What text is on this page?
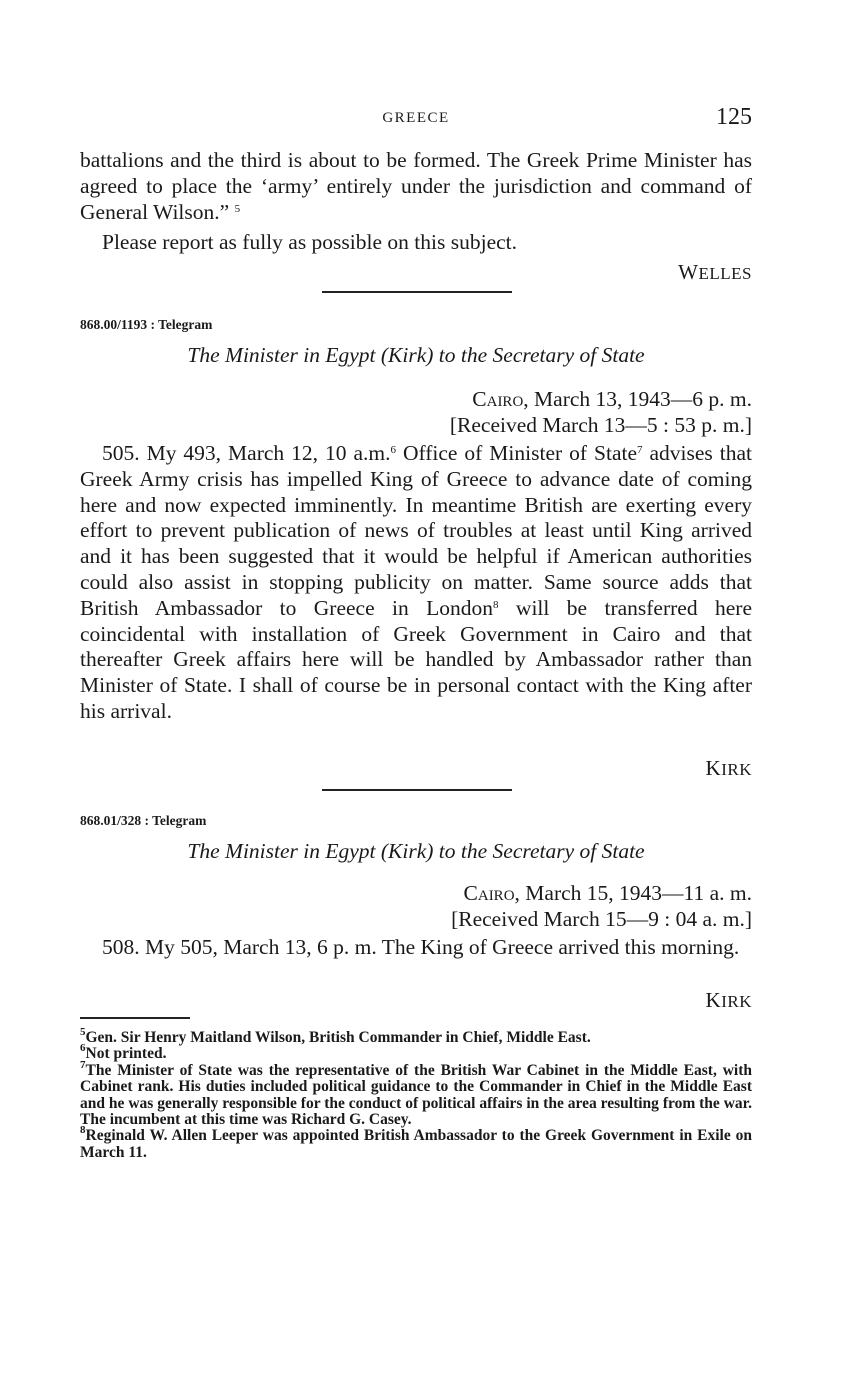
GREECE	125

battalions and the third is about to be formed. The Greek Prime Minister has agreed to place the ‘army’ entirely under the jurisdiction and command of General Wilson.” $^5$

Please report as fully as possible on this subject.

WELLES
868.00/1193 : Telegram
The Minister in Egypt (Kirk) to the Secretary of State
Cairo, March 13, 1943—6 p. m.
[Received March 13—5 : 53 p. m.]

505. My 493, March 12, 10 a.m.$^6$ Office of Minister of State$^7$ advises that Greek Army crisis has impelled King of Greece to advance date of coming here and now expected imminently. In meantime British are exerting every effort to prevent publication of news of troubles at least until King arrived and it has been suggested that it would be helpful if American authorities could also assist in stopping publicity on matter. Same source adds that British Ambassador to Greece in London$^8$ will be transferred here coincidental with installation of Greek Government in Cairo and that thereafter Greek affairs here will be handled by Ambassador rather than Minister of State. I shall of course be in personal contact with the King after his arrival.

KIRK
868.01/328 : Telegram
The Minister in Egypt (Kirk) to the Secretary of State
Cairo, March 15, 1943—11 a. m.
[Received March 15—9 : 04 a. m.]

508. My 505, March 13, 6 p. m. The King of Greece arrived this morning.

KIRK

$^5$Gen. Sir Henry Maitland Wilson, British Commander in Chief, Middle East.

$^6$Not printed.

$^7$The Minister of State was the representative of the British War Cabinet in the Middle East, with Cabinet rank. His duties included political guidance to the Commander in Chief in the Middle East and he was generally responsible for the conduct of political affairs in the area resulting from the war. The incumbent at this time was Richard G. Casey.

$^8$Reginald W. Allen Leeper was appointed British Ambassador to the Greek Government in Exile on March 11.
